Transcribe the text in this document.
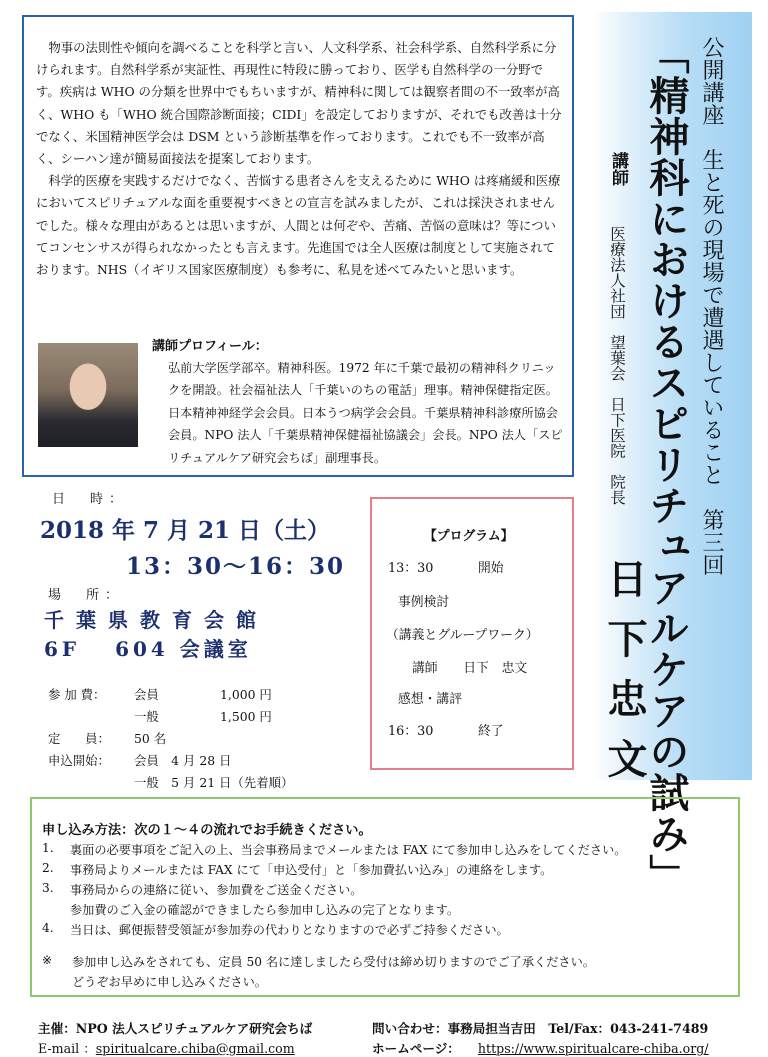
物事の法則性や傾向を調べることを科学と言い、人文科学系、社会科学系、自然科学系に分けられます。自然科学系が実証性、再現性に特段に勝っており、医学も自然科学の一分野です。疾病は WHO の分類を世界中でもちいますが、精神科に関しては観察者間の不一致率が高く、WHO も「WHO 統合国際診断面接；CIDI」を設定しておりますが、それでも改善は十分でなく、米国精神医学会は DSM という診断基準を作っております。これでも不一致率が高く、シーハン達が簡易面接法を提案しております。

科学的医療を実践するだけでなく、苦悩する患者さんを支えるために WHO は疼痛緩和医療においてスピリチュアルな面を重要視すべきとの宣言を試みましたが、これは採決されませんでした。様々な理由があるとは思いますが、人間とは何ぞや、苦痛、苦悩の意味は？等についてコンセンサスが得られなかったとも言えます。先進国では全人医療は制度として実施されております。NHS（イギリス国家医療制度）も参考に、私見を述べてみたいと思います。

講師プロフィール：
弘前大学医学部卒。精神科医。1972 年に千葉で最初の精神科クリニックを開設。社会福祉法人「千葉いのちの電話」理事。精神保健指定医。日本精神神経学会会員。日本うつ病学会会員。千葉県精神科診療所協会会員。NPO 法人「千葉県精神保健福祉協議会」会長。NPO 法人「スピリチュアルケア研究会ちば」副理事長。	公開講座　生と死の現場で遭遇していること　第三回
「精神科におけるスピリチュアルケアの試み」
講師
医療法人社団　望葉会　日下医院　院長
日下忠文
日　時：
2018 年 7 月 21 日（土）
13：30〜16：30
場　所：
千葉県教育会館
6F　 604 会議室
参 加 費：	会員	1,000 円
一般	1,500 円
定　　員：	50 名
申込開始：	会員　4 月 28 日
一般　5 月 21 日（先着順）
【プログラム】
13：30	開始
事例検討
（講義とグループワーク）
講師　　日下　忠文
感想・講評
16：30	終了
申し込み方法：次の１〜４の流れでお手続きください。
1. 裏面の必要事項をご記入の上、当会事務局までメールまたは FAX にて参加申し込みをしてください。
2. 事務局よりメールまたは FAX にて「申込受付」と「参加費払い込み」の連絡をします。
3. 事務局からの連絡に従い、参加費をご送金ください。
参加費のご入金の確認ができましたら参加申し込みの完了となります。
4. 当日は、郵便振替受領証が参加券の代わりとなりますので必ずご持参ください。
※ 参加申し込みをされても、定員 50 名に達しましたら受付は締め切りますのでご了承ください。
どうぞお早めに申し込みください。
主催：NPO 法人スピリチュアルケア研究会ちば
E-mail ：spiritualcare.chiba@gmail.com
問い合わせ：事務局担当吉田　Tel/Fax：043-241-7489
ホームページ： https://www.spiritualcare-chiba.org/
